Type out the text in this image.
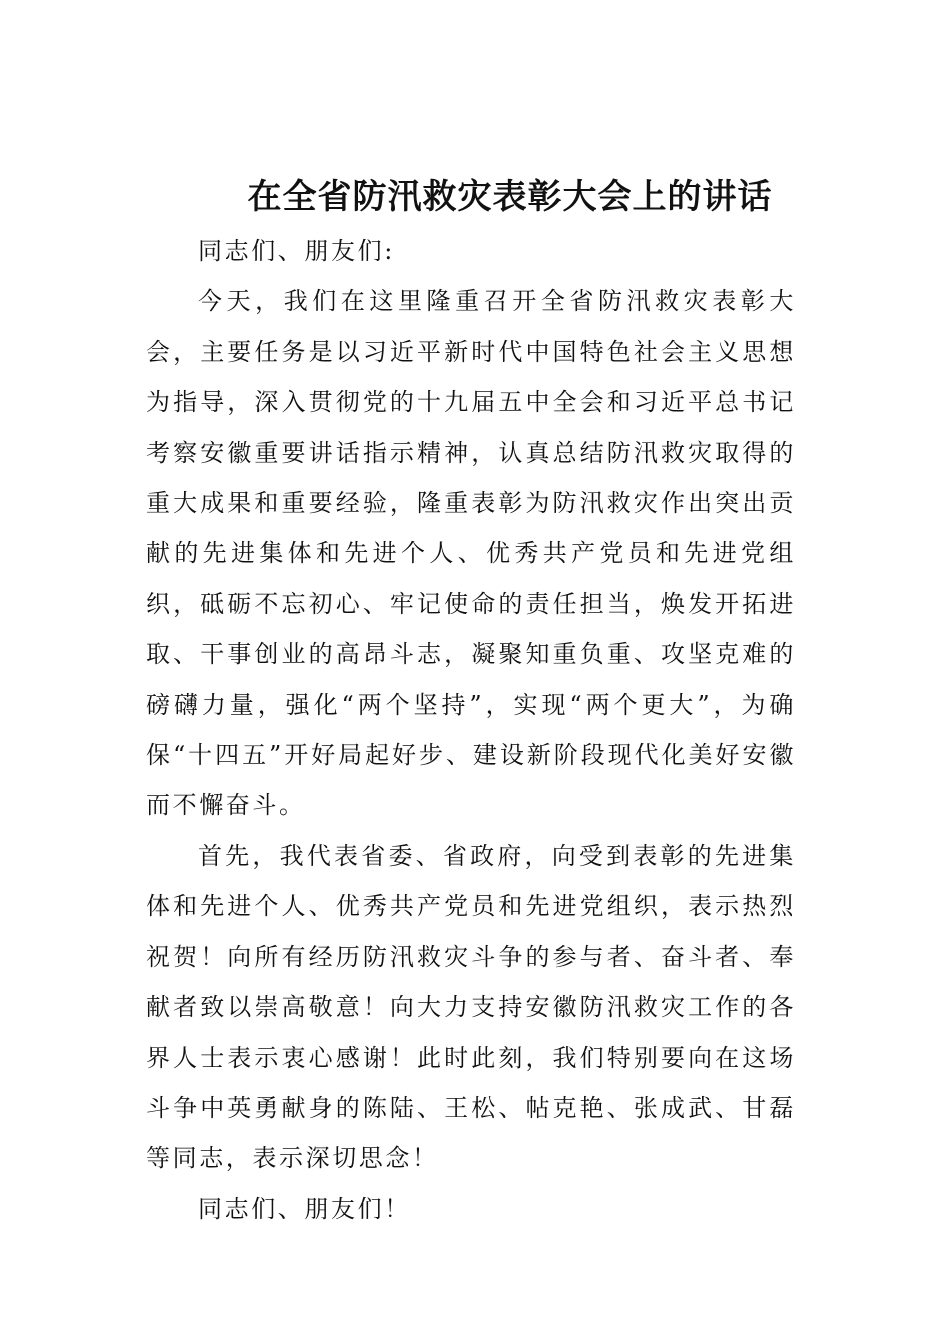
在全省防汛救灾表彰大会上的讲话

同志们、朋友们:

今天，我们在这里隆重召开全省防汛救灾表彰大会，主要任务是以习近平新时代中国特色社会主义思想为指导，深入贯彻党的十九届五中全会和习近平总书记考察安徽重要讲话指示精神，认真总结防汛救灾取得的重大成果和重要经验，隆重表彰为防汛救灾作出突出贡献的先进集体和先进个人、优秀共产党员和先进党组织，砥砺不忘初心、牢记使命的责任担当，焕发开拓进取、干事创业的高昂斗志，凝聚知重负重、攻坚克难的磅礴力量，强化“两个坚持”，实现“两个更大”，为确保“十四五”开好局起好步、建设新阶段现代化美好安徽而不懈奋斗。

首先，我代表省委、省政府，向受到表彰的先进集体和先进个人、优秀共产党员和先进党组织，表示热烈祝贺！向所有经历防汛救灾斗争的参与者、奋斗者、奉献者致以崇高敬意！向大力支持安徽防汛救灾工作的各界人士表示衷心感谢！此时此刻，我们特别要向在这场斗争中英勇献身的陈陆、王松、帖克艳、张成武、甘磊等同志，表示深切思念！

同志们、朋友们！
